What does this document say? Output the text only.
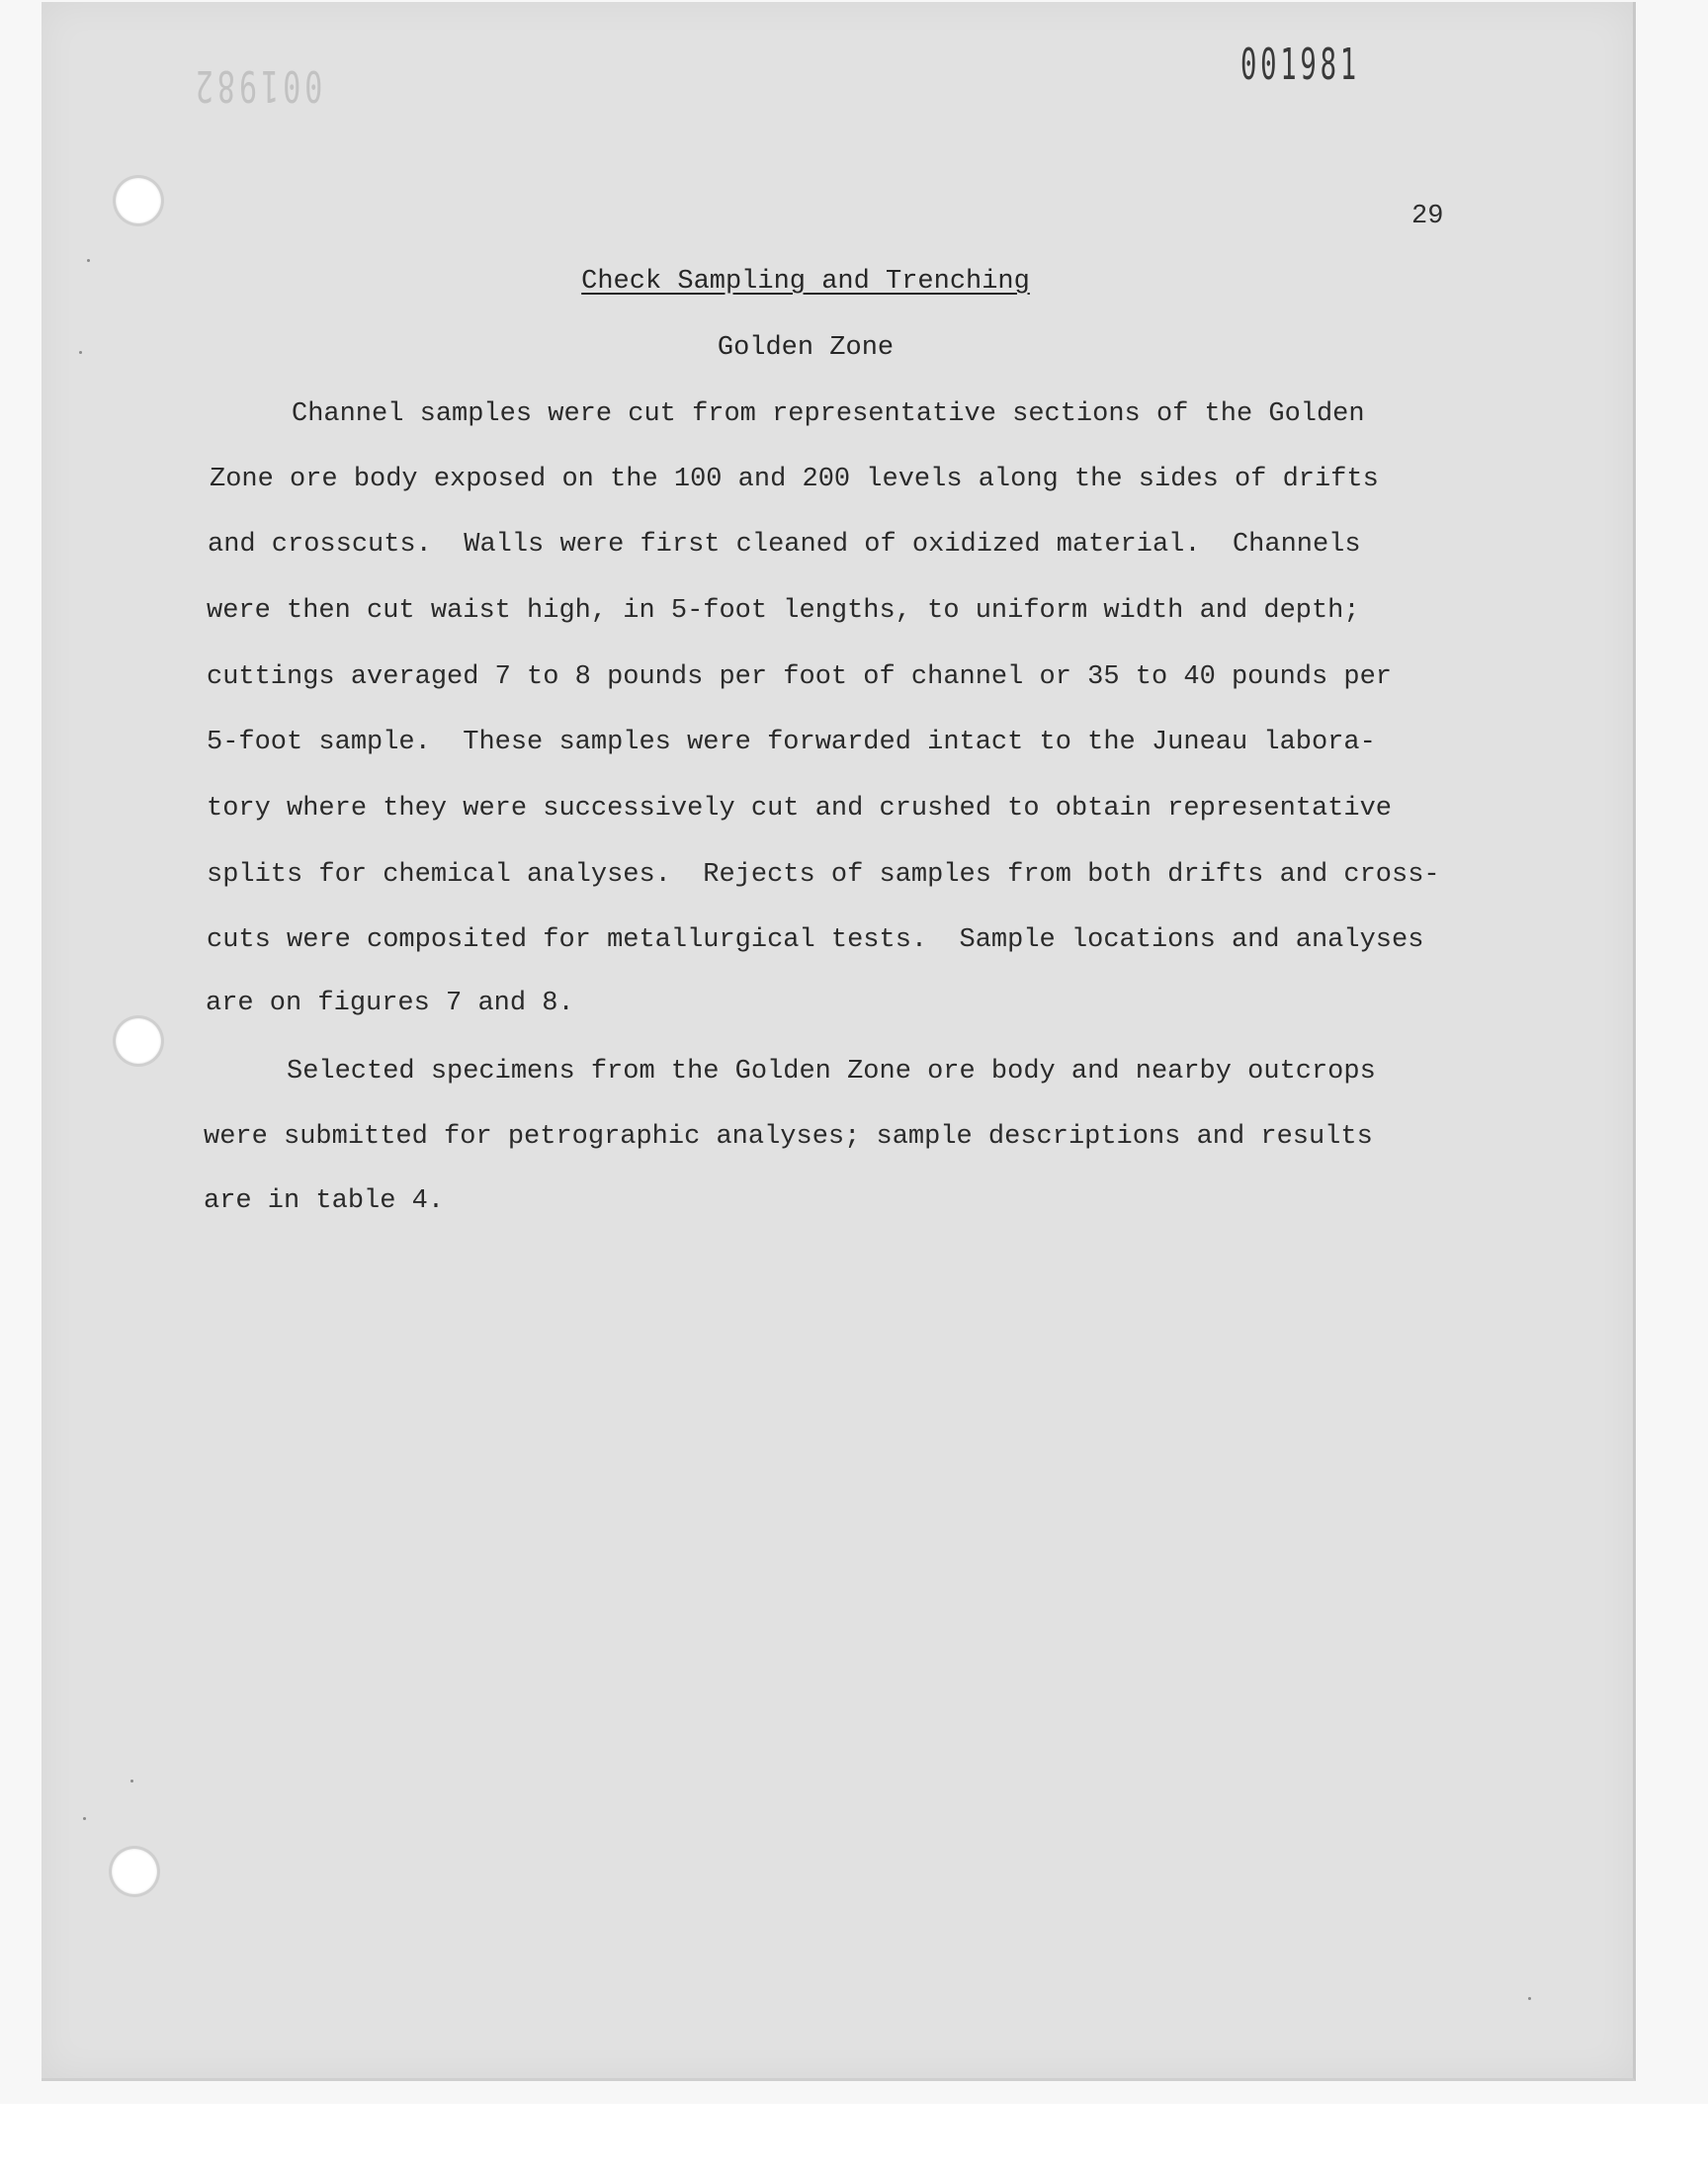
001982	001981
29
Check Sampling and Trenching
Golden Zone
Channel samples were cut from representative sections of the Golden
Zone ore body exposed on the 100 and 200 levels along the sides of drifts
and crosscuts.  Walls were first cleaned of oxidized material.  Channels
were then cut waist high, in 5-foot lengths, to uniform width and depth;
cuttings averaged 7 to 8 pounds per foot of channel or 35 to 40 pounds per
5-foot sample.  These samples were forwarded intact to the Juneau labora-
tory where they were successively cut and crushed to obtain representative
splits for chemical analyses.  Rejects of samples from both drifts and cross-
cuts were composited for metallurgical tests.  Sample locations and analyses
are on figures 7 and 8.
Selected specimens from the Golden Zone ore body and nearby outcrops
were submitted for petrographic analyses; sample descriptions and results
are in table 4.
